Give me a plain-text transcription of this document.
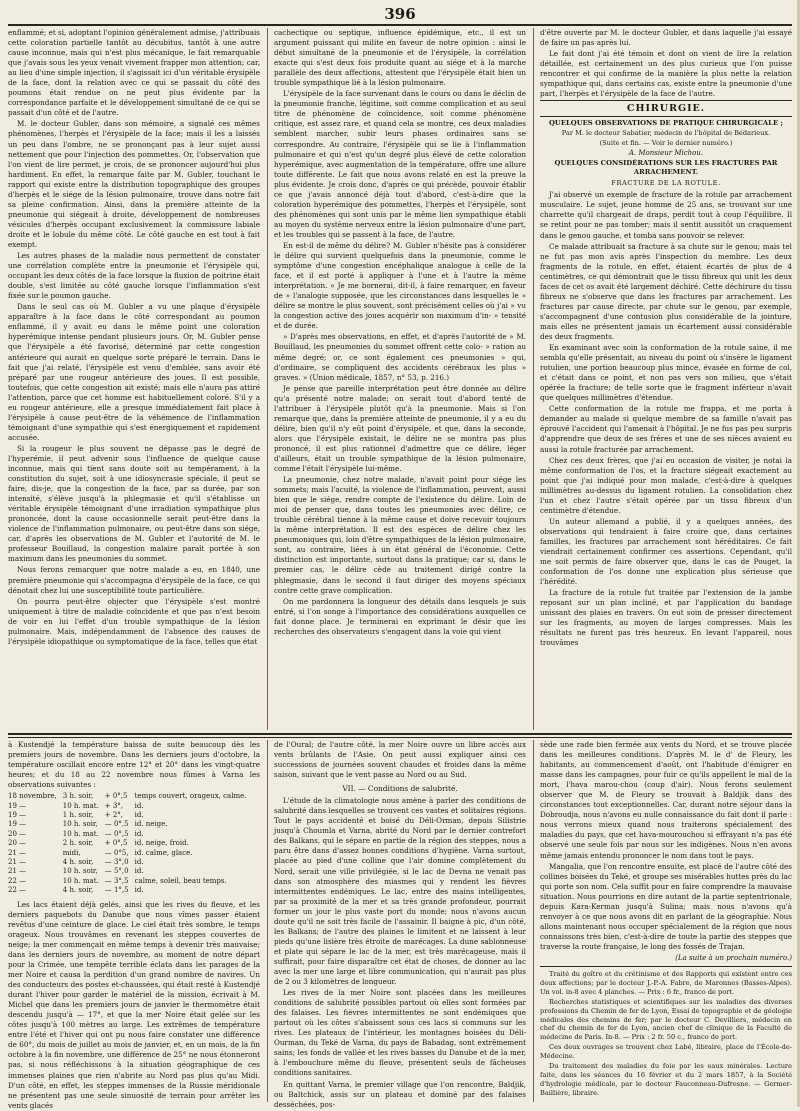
396

enflammé; et si, adoptant l'opinion généralement admise, j'attribuais cette coloration partielle tantôt au décubitus, tantôt à une autre cause inconnue, mais qui n'est plus mécanique, le fait remarquable que j'avais sous les yeux venait vivement frapper mon attention; car, au lieu d'une simple injection, il s'agissait ici d'un véritable érysipèle de la face, dont la relation avec ce qui se passait du côté des poumons était rendue on ne peut plus évidente par la correspondance parfaite et le développement simultané de ce qui se passait d'un côté et de l'autre.

M. le docteur Gubler, dans son mémoire, a signalé ces mêmes phénomènes, l'herpès et l'érysipèle de la face; mais il les a laissés un peu dans l'ombre, ne se prononçant pas à leur sujet aussi nettement que pour l'injection des pommettes. Or, l'observation que l'on vient de lire permet, je crois, de se prononcer aujourd'hui plus hardiment. En effet, la remarque faite par M. Gubler, touchant le rapport qui existe entre la distribution topographique des groupes d'herpès et le siége de la lésion pulmonaire, trouve dans notre fait sa pleine confirmation. Ainsi, dans la première atteinte de la pneumonie qui siégeait à droite, développement de nombreuses vésicules d'herpès occupant exclusivement la commissure labiale droite et le lobule du même côté. Le côté gauche en est tout à fait exempt.

Les autres phases de la maladie nous permettent de constater une corrélation complète entre la pneumonie et l'érysipèle qui, occupant les deux côtés de la face lorsque la fluxion de poitrine était double, s'est limitée au côté gauche lorsque l'inflammation s'est fixée sur le poumon gauche.

Dans le seul cas où M. Gubler a vu une plaque d'érysipèle apparaître à la face dans le côté correspondant au poumon enflammé, il y avait eu dans le même point une coloration hyperémique intense pendant plusieurs jours. Or, M. Gubler pense que l'érysipèle a été favorisé, déterminé par cette congestion antérieure qui aurait en quelque sorte préparé le terrain. Dans le fait que j'ai relaté, l'érysipèle est venu d'emblée, sans avoir été préparé par une rougeur antérieure des joues. Il est possible, toutefois, que cette congestion ait existé; mais elle n'aura pas attiré l'attention, parce que cet homme est habituellement coloré. S'il y a eu rougeur antérieure, elle a presque immédiatement fait place à l'érysipèle à cause peut-être de la véhémence de l'inflammation témoignant d'une sympathie qui s'est énergiquement et rapidement accusée.

Si la rougeur le plus souvent ne dépasse pas le degré de l'hyperémie, il peut advenir sous l'influence de quelque cause inconnue, mais qui tient sans doute soit au tempérament, à la constitution du sujet, soit à une idiosyncrasie spéciale, il peut se faire, dis-je, que la congestion de la face, par sa durée, par son intensité, s'élève jusqu'à la phlegmasie et qu'il s'établisse un véritable érysipèle témoignant d'une irradiation sympathique plus prononcée, dont la cause occasionnelle serait peut-être dans la violence de l'inflammation pulmonaire, ou peut-être dans son siége, car, d'après les observations de M. Gubler et l'autorité de M. le professeur Bouillaud, la congestion malaire paraît portée à son maximum dans les pneumonies du sommet.

Nous ferons remarquer que notre malade a eu, en 1840, une première pneumonie qui s'accompagna d'érysipèle de la face, ce qui dénotait chez lui une susceptibilité toute particulière.

On pourra peut-être objecter que l'érysipèle s'est montré uniquement à titre de maladie coïncidente et que pas n'est besoin de voir en lui l'effet d'un trouble sympathique de la lésion pulmonaire. Mais, indépendamment de l'absence des causes de l'érysipèle idiopathique ou symptomatique de la face, telles que état

cachectique ou septique, influence épidémique, etc., il est un argument puissant qui milite en faveur de notre opinion : ainsi le début simultané de la pneumonie et de l'érysipèle, la corrélation exacte qui s'est deux fois produite quant au siége et à la marche parallèle des deux affections, attestent que l'érysipèle était bien un trouble sympathique lié à la lésion pulmonaire.

L'érysipèle de la face survenant dans le cours ou dans le déclin de la pneumonie franche, légitime, soit comme complication et au seul titre de phénomène de coïncidence, soit comme phénomène critique, est assez rare, et quand cela se montre, ces deux maladies semblent marcher, subir leurs phases ordinaires sans se correspondre. Au contraire, l'érysipèle qui se lie à l'inflammation pulmonaire et qui n'est qu'un degré plus élevé de cette coloration hyperémique, avec augmentation de la température, offre une allure toute différente. Le fait que nous avons relaté en est la preuve la plus évidente. Je crois donc, d'après ce qui précède, pouvoir établir ce que j'avais annoncé déjà tout d'abord, c'est-à-dire que la coloration hyperémique des pommettes, l'herpès et l'érysipèle, sont des phénomènes qui sont unis par le même lien sympathique établi au moyen du système nerveux entre la lésion pulmonaire d'une part, et les troubles qui se passent à la face, de l'autre.

En est-il de même du délire? M. Gubler n'hésite pas à considérer le délire qui survient quelquefois dans la pneumonie, comme le symptôme d'une congestion encéphalique analogue à celle de la face, et il est porté à appliquer à l'une et à l'autre la même interprétation. « Je me bornerai, dit-il, à faire remarquer, en faveur de » l'analogie supposée, que les circonstances dans lesquelles le » délire se montre le plus souvent, sont précisément celles où j'ai » vu la congestion active des joues acquérir son maximum d'in- » tensité et de durée.

» D'après mes observations, en effet, et d'après l'autorité de » M. Bouillaud, les pneumonies du sommet offrent cette colo- » ration au même degré; or, ce sont également ces pneumonies » qui, d'ordinaire, se compliquent des accidents cérébraux les plus » graves. » (Union médicale, 1857, n° 53, p. 216.)

Je pense que pareille interprétation peut être donnée au délire qu'a présenté notre malade; on serait tout d'abord tenté de l'attribuer à l'érysipèle plutôt qu'à la pneumonie. Mais si l'on remarque que, dans la première atteinte de pneumonie, il y a eu du délire, bien qu'il n'y eût point d'érysipèle, et que, dans la seconde, alors que l'érysipèle existait, le délire ne se montra pas plus prononcé, il est plus rationnel d'admettre que ce délire, léger d'ailleurs, était un trouble sympathique de la lésion pulmonaire, comme l'était l'érysipèle lui-même.

La pneumonie, chez notre malade, n'avait point pour siége les sommets; mais l'acuité, la violence de l'inflammation, peuvent, aussi bien que le siége, rendre compte de l'existence du délire. Loin de moi de penser que, dans toutes les pneumonies avec délire, ce trouble cérébral tienne à la même cause et doive recevoir toujours la même interprétation. Il est des espèces de délire chez les pneumoniques qui, loin d'être sympathiques de la lésion pulmonaire, sont, au contraire, liées à un état général de l'économie. Cette distinction est importante, surtout dans la pratique; car si, dans le premier cas, le délire cède au traitement dirigé contre la phlegmasie, dans le second il faut diriger des moyens spéciaux contre cette grave complication.

On me pardonnera la longueur des détails dans lesquels je suis entré, si l'on songe à l'importance des considérations auxquelles ce fait donne place. Je terminerai en exprimant le désir que les recherches des observateurs s'engagent dans la voie qui vient

d'être ouverte par M. le docteur Gubler, et dans laquelle j'ai essayé de faire un pas après lui.

Le fait dont j'ai été témoin et dont on vient de lire la relation détaillée, est certainement un des plus curieux que l'on puisse rencontrer et qui confirme de la manière la plus nette la relation sympathique qui, dans certains cas, existe entre la pneumonie d'une part, l'herpès et l'érysipèle de la face de l'autre.

CHIRURGIE.
QUELQUES OBSERVATIONS DE PRATIQUE CHIRURGICALE ;
Par M. le docteur Sabatier, médecin de l'hôpital de Bédarieux.
(Suite et fin. — Voir le dernier numéro.)
A. Monsieur Michou.
QUELQUES CONSIDÉRATIONS SUR LES FRACTURES PAR ARRACHEMENT.
FRACTURE DE LA ROTULE.

J'ai observé un exemple de fracture de la rotule par arrachement musculaire. Le sujet, jeune homme de 25 ans, se trouvant sur une charrette qu'il chargeait de draps, perdit tout à coup l'équilibre. Il se retint pour ne pas tomber; mais il sentit aussitôt un craquement dans le genou gauche, et tomba sans pouvoir se relever.

Ce malade attribuait sa fracture à sa chute sur le genou; mais tel ne fut pas mon avis après l'inspection du membre. Les deux fragments de la rotule, en effet, étaient écartés de plus de 4 centimètres, ce qui démontrait que le tissu fibreux qui unit les deux faces de cet os avait été largement déchiré. Cette déchirure du tissu fibreux ne s'observe que dans les fractures par arrachement. Les fractures par cause directe, par chute sur le genou, par exemple, s'accompagnent d'une contusion plus considérable de la jointure, mais elles ne présentent jamais un écartement aussi considérable des deux fragments.

En examinant avec soin la conformation de la rotule saine, il me sembla qu'elle présentait, au niveau du point où s'insère le ligament rotulien, une portion beaucoup plus mince, évasée en forme de col, et c'était dans ce point, et non pas vers son milieu, que s'était opérée la fracture; de telle sorte que le fragment inférieur n'avait que quelques millimètres d'étendue.

Cette conformation de la rotule me frappa, et me porta à demander au malade si quelque membre de sa famille n'avait pas éprouvé l'accident qui l'amenait à l'hôpital. Je ne fus pas peu surpris d'apprendre que deux de ses frères et une de ses nièces avaient eu aussi la rotule fracturée par arrachement.

Chez ces deux frères, que j'ai eu occasion de visiter, je notai la même conformation de l'os, et la fracture siégeait exactement au point que j'ai indiqué pour mon malade, c'est-à-dire à quelques millimètres au-dessus du ligament rotulien. La consolidation chez l'un et chez l'autre s'était opérée par un tissu fibreux d'un centimètre d'étendue.

Un auteur allemand a publié, il y a quelques années, des observations qui tendraient à faire croire que, dans certaines familles, les fractures par arrachement sont héréditaires. Ce fait viendrait certainement confirmer ces assertions. Cependant, qu'il me soit permis de faire observer que, dans le cas de Pouget, la conformation de l'os donne une explication plus sérieuse que l'hérédité.

La fracture de la rotule fut traitée par l'extension de la jambe reposant sur un plan incliné, et par l'application du bandage unissant des plaies en travers. On eut soin de presser directement sur les fragments, au moyen de larges compresses. Mais les résultats ne furent pas très heureux. En levant l'appareil, nous trouvâmes

à Kustendjé la température baissa de suite beaucoup dès les premiers jours de novembre. Dans les derniers jours d'octobre, la température oscillait encore entre 12° et 20° dans les vingt-quatre heures; et du 18 au 22 novembre nous fûmes à Varna les observations suivantes :

18 novembre,	3 h. soir,	+ 0°,5	temps couvert, orageux, calme.
19 —	10 h. mat.	+ 3°,	id.
19 —	1 h. soir,	+ 2°,	id.
19 —	10 h. soir,	— 0°,5	id. neige.
20 —	10 h. mat.	— 0°,5	id.
20 —	2 h. soir,	+ 0°,5	id. neige, froid.
21 —	midi,	— 0°5,	id. calme, glace.
21 —	4 h. soir,	— 3°,0	id.
21 —	10 h. soir,	— 5°,0	id.
22 —	10 h. mat.	— 3°,5	calme, soleil, beau temps.
22 —	4 h. soir,	— 1°,5	id.

Les lacs étaient déjà gelés, ainsi que les rives du fleuve, et les derniers paquebots du Danube que nous vîmes passer étaient revêtus d'une ceinture de glace. Le ciel était très sombre, le temps orageux. Nous trouvâmes en revenant les steppes couvertes de neige; la mer commençait en même temps à devenir très mauvaise; dans les derniers jours de novembre, au moment de notre départ pour la Crimée, une tempête terrible éclata dans les parages de la mer Noire et causa la perdition d'un grand nombre de navires. Un des conducteurs des postes et-chaussées, qui était resté à Kustendjé durant l'hiver pour garder le matériel de la mission, écrivait à M. Michel que dans les premiers jours de janvier le thermomètre était descendu jusqu'à — 17°, et que la mer Noire était gelée sur les côtes jusqu'à 100 mètres au large. Les extrêmes de température entre l'été et l'hiver qui ont pu nous faire constater une différence de 60°, du mois de juillet au mois de janvier, et, en un mois, de la fin octobre à la fin novembre, une différence de 25° ne nous étonneront pas, si nous réfléchissons à la situation géographique de ces immenses plaines que rien n'abrite au Nord pas plus qu'au Midi. D'un côté, en effet, les steppes immenses de la Russie méridionale ne présentent pas une seule sinuosité de terrain pour arrêter les vents glacés

de l'Oural; de l'autre côté, la mer Noire ouvre un libre accès aux vents brûlants de l'Asie. On peut aussi expliquer ainsi ces successions de journées souvent chaudes et froides dans la même saison, suivant que le vent passe au Nord ou au Sud.

VII. — Conditions de salubrité.

L'étude de la climatologie nous amène à parler des conditions de salubrité dans lesquelles se trouvent ces vastes et solitaires régions. Tout le pays accidenté et boisé du Déli-Orman, depuis Silistrie jusqu'à Choumla et Varna, abrité du Nord par le dernier contrefort des Balkans, qui le sépare en partie de la région des steppes, nous a paru être dans d'assez bonnes conditions d'hygiène. Varna surtout, placée au pied d'une colline que l'air domine complètement du Nord, serait une ville privilégiée, si le lac de Devna ne venait pas dans son atmosphère des miasmes qui y rendent les fièvres intermittentes endémiques. Le lac, entre des mains intelligentes, par sa proximité de la mer et sa très grande profondeur, pourrait former un jour le plus vaste port du monde; nous n'avons aucun doute qu'il ne soit très facile de l'assainir. Il baigne à pic, d'un côté, les Balkans; de l'autre des plaines le limitent et ne laissent à leur pieds qu'une lisière très étroite de marécages. La dune sablonneuse et plate qui sépare le lac de la mer, est très marécageuse, mais il suffirait, pour faire disparaître cet état de choses, de donner au lac avec la mer une large et libre communication, qui n'aurait pas plus de 2 ou 3 kilomètres de longueur.

Les rives de la mer Noire sont placées dans les meilleures conditions de salubrité possibles partout où elles sont formées par des falaises. Les fièvres intermittentes ne sont endémiques que partout où les côtes s'abaissent sous ces lacs si communs sur les rives. Les plateaux de l'intérieur, les montagnes boisées du Déli-Ourman, du Teké de Varna, du pays de Babadag, sont extrêmement sains; les fonds de vallée et les rives basses du Danube et de la mer, à l'embouchure même du fleuve, présentent seuls de fâcheuses conditions sanitaires.

En quittant Varna, le premier village que l'on rencontre, Baldjik, ou Baltchick, assis sur un plateau et dominé par des falaises desséchées, pos-

sède une rade bien fermée aux vents du Nord, et se trouve placée dans les meilleures conditions. D'après M. le d' de Fleury, les habitants, au commencement d'août, ont l'habitude d'émigrer en masse dans les campagnes, pour fuir ce qu'ils appellent le mal de la mort, l'hava marou-chou (coup d'air). Nous ferons seulement observer que M. de Fleury se trouvait à Baldjik dans des circonstances tout exceptionnelles. Car, durant notre séjour dans la Dobroudja, nous n'avons eu nulle connaissance du fait dont il parle : nous verrons mieux quand nous traiterons spécialement des maladies du pays, que cet hava-mourouchou si effrayant n'a pas été observé une seule fois par nous sur les indigènes. Nous n'en avons même jamais entendu prononcer le nom dans tout le pays.

Mangalia, que l'on rencontre ensuite, est placé de l'autre côté des collines boisées du Teké, et groupe ses misérables huttes près du lac qui porte son nom. Cela suffit pour en faire comprendre la mauvaise situation. Nous pourrions en dire autant de la partie septentrionale, depuis Kara-Kerman jusqu'à Sulina; mais nous n'avons qu'à renvoyer à ce que nous avons dit en parlant de la géographie. Nous allons maintenant nous occuper spécialement de la région que nous connaissons très bien, c'est-à-dire de toute la partie des steppes que traverse la route française, le long des fossés de Trajan.

(La suite à un prochain numéro.)

Traité du goître et du crétinisme et des Rapports qui existent entre ces deux affections; par le docteur J.-P.-A. Fabre, de Maronnes (Basses-Alpes). Un vol. in-8 avec 4 planches. — Prix : 6 fr., franco de port.

Recherches statistiques et scientifiques sur les maladies des diverses professions du Chemin de fer de Lyon, Essai de topographie et de géologie médicales des chemins de fer; par le docteur C. Devilliers, médecin en chef du chemin de fer de Lyon, ancien chef de clinique de la Faculté de médecine de Paris. In-8. — Prix : 2 fr. 50 c., franco de port.

Ces deux ouvrages se trouvent chez Labé, libraire, place de l'École-de-Médecine.

Du traitement des maladies du foie par les eaux minérales. Lecture faite, dans les séances du 16 février et du 2 mars 1857, à la Société d'hydrologie médicale, par le docteur Fauconneau-Dufresne. — Germer-Baillière, libraire.
